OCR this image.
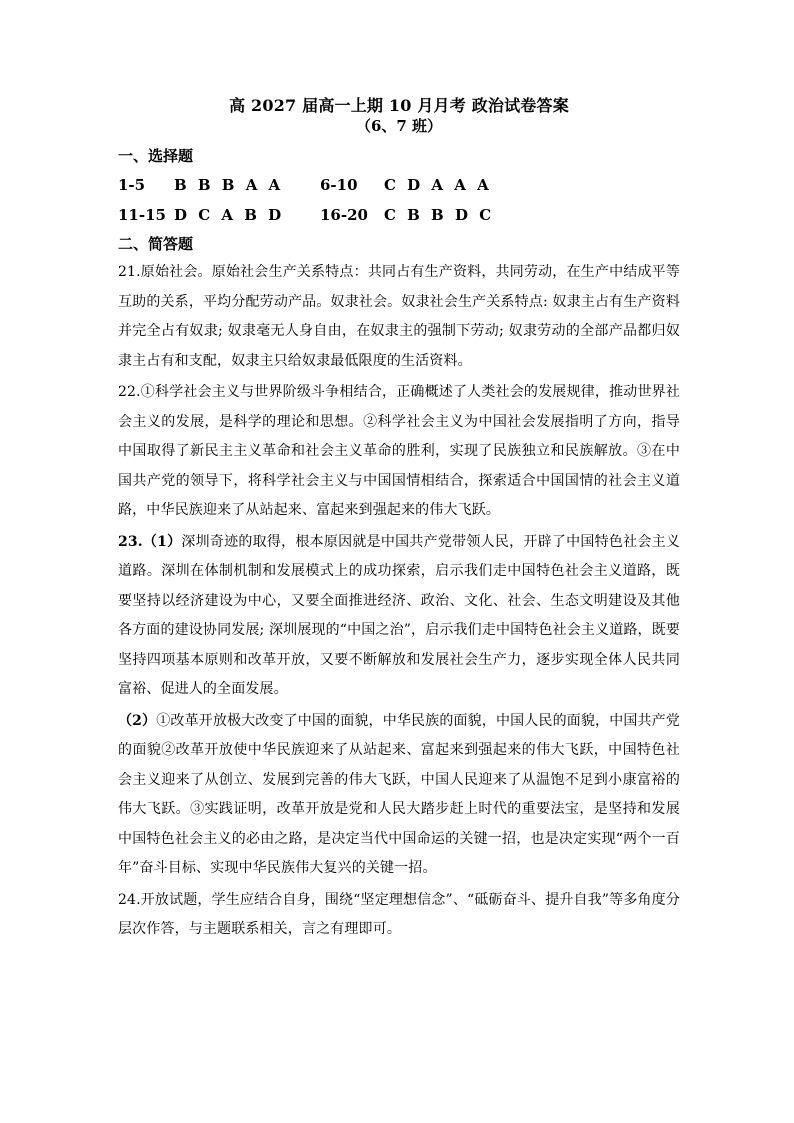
高 2027 届高一上期 10 月月考 政治试卷答案

（6、7 班）

一、选择题

1-5	B B B A A	6-10	C D A A A
11-15 D C A B D	16-20	C B B D C

二、简答题

21.原始社会。原始社会生产关系特点：共同占有生产资料，共同劳动，在生产中结成平等互助的关系，平均分配劳动产品。奴隶社会。奴隶社会生产关系特点: 奴隶主占有生产资料并完全占有奴隶; 奴隶毫无人身自由，在奴隶主的强制下劳动; 奴隶劳动的全部产品都归奴隶主占有和支配，奴隶主只给奴隶最低限度的生活资料。

22.①科学社会主义与世界阶级斗争相结合，正确概述了人类社会的发展规律，推动世界社会主义的发展，是科学的理论和思想。②科学社会主义为中国社会发展指明了方向，指导中国取得了新民主主义革命和社会主义革命的胜利，实现了民族独立和民族解放。③在中国共产党的领导下，将科学社会主义与中国国情相结合，探索适合中国国情的社会主义道路，中华民族迎来了从站起来、富起来到强起来的伟大飞跃。

23.（1）深圳奇迹的取得，根本原因就是中国共产党带领人民，开辟了中国特色社会主义道路。深圳在体制机制和发展模式上的成功探索，启示我们走中国特色社会主义道路，既要坚持以经济建设为中心，又要全面推进经济、政治、文化、社会、生态文明建设及其他各方面的建设协同发展; 深圳展现的“中国之治”，启示我们走中国特色社会主义道路，既要坚持四项基本原则和改革开放，又要不断解放和发展社会生产力，逐步实现全体人民共同富裕、促进人的全面发展。

（2）①改革开放极大改变了中国的面貌，中华民族的面貌，中国人民的面貌，中国共产党的面貌②改革开放使中华民族迎来了从站起来、富起来到强起来的伟大飞跃，中国特色社会主义迎来了从创立、发展到完善的伟大飞跃，中国人民迎来了从温饱不足到小康富裕的伟大飞跃。③实践证明，改革开放是党和人民大踏步赶上时代的重要法宝，是坚持和发展中国特色社会主义的必由之路，是决定当代中国命运的关键一招，也是决定实现“两个一百年”奋斗目标、实现中华民族伟大复兴的关键一招。

24.开放试题，学生应结合自身，围绕“坚定理想信念”、“砥砺奋斗、提升自我”等多角度分层次作答，与主题联系相关，言之有理即可。
